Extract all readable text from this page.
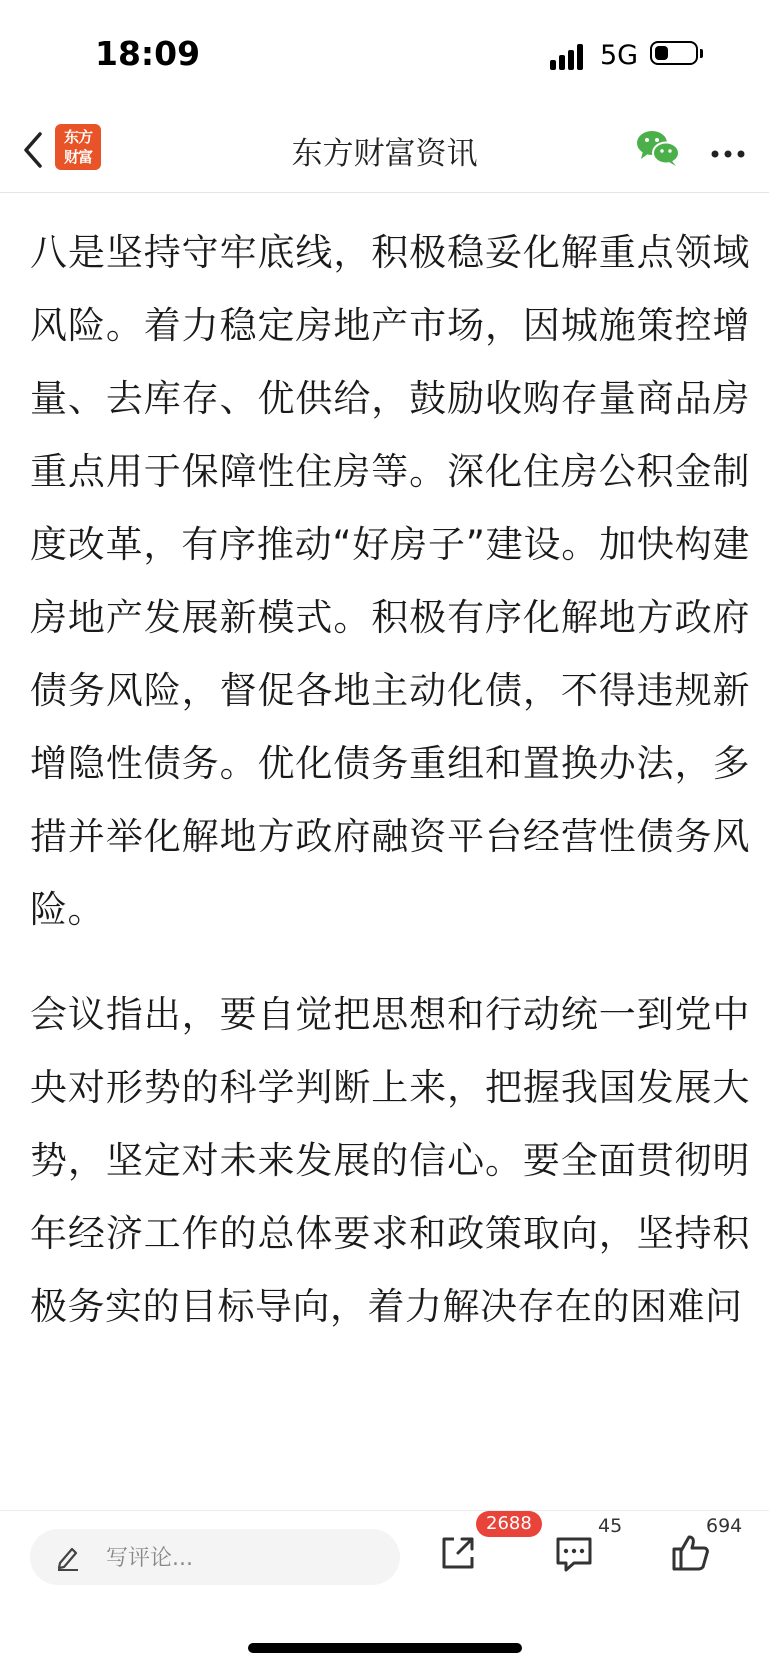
18:09	5G
东方财富	东方财富资讯

八是坚持守牢底线，积极稳妥化解重点领域风险。着力稳定房地产市场，因城施策控增量、去库存、优供给，鼓励收购存量商品房重点用于保障性住房等。深化住房公积金制度改革，有序推动“好房子”建设。加快构建房地产发展新模式。积极有序化解地方政府债务风险，督促各地主动化债，不得违规新增隐性债务。优化债务重组和置换办法，多措并举化解地方政府融资平台经营性债务风险。

会议指出，要自觉把思想和行动统一到党中央对形势的科学判断上来，把握我国发展大势，坚定对未来发展的信心。要全面贯彻明年经济工作的总体要求和政策取向，坚持积极务实的目标导向，着力解决存在的困难问

写评论...
2688	45	694
